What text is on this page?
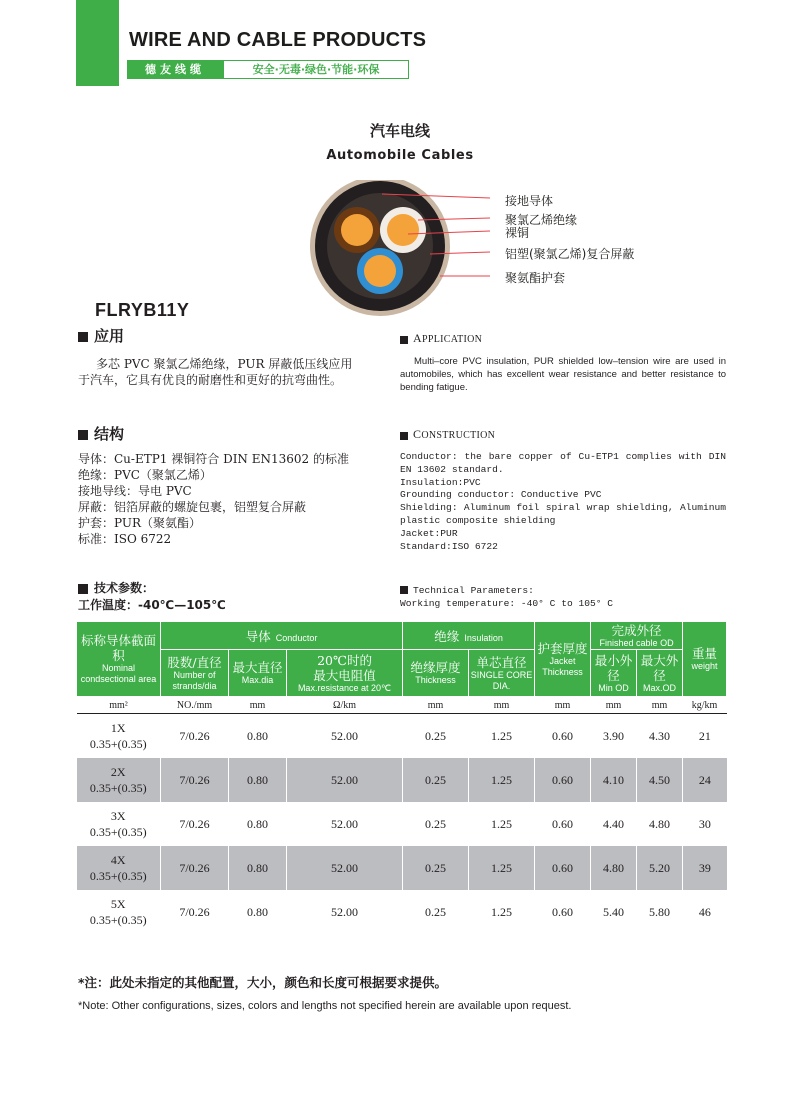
WIRE AND CABLE PRODUCTS
德友线缆	安全·无毒·绿色·节能·环保
汽车电线
Automobile Cables
接地导体
聚氯乙烯绝缘
裸铜
铝塑(聚氯乙烯)复合屏蔽
聚氨酯护套
FLRYB11Y
应用
多芯 PVC 聚氯乙烯绝缘，PUR 屏蔽低压线应用于汽车，它具有优良的耐磨性和更好的抗弯曲性。
APPLICATION
Multi–core PVC insulation, PUR shielded low–tension wire are used in automobiles, which has excellent wear resistance and better resistance to bending fatigue.
结构
导体：Cu-ETP1 裸铜符合 DIN EN13602 的标准
绝缘：PVC（聚氯乙烯）
接地导线：导电 PVC
屏蔽：铝箔屏蔽的螺旋包裹，铝塑复合屏蔽
护套：PUR（聚氨酯）
标准：ISO 6722
CONSTRUCTION
Conductor: the bare copper of Cu-ETP1 complies with DIN EN 13602 standard.
Insulation:PVC
Grounding conductor: Conductive PVC
Shielding: Aluminum foil spiral wrap shielding, Aluminum plastic composite shielding
Jacket:PUR
Standard:ISO 6722
技术参数：
工作温度：-40℃—105℃
Technical Parameters:
Working temperature: -40° C to 105° C
标称导体截面积
Nominal condsectional area	导体 Conductor			绝缘 Insulation		护套厚度
Jacket Thickness	完成外径
Finished cable OD		重量
weight

	股数/直径
Number of strands/dia	最大直径
Max.dia	20℃时的
最大电阻值
Max.resistance at 20℃	绝缘厚度
Thickness	单芯直径
SINGLE CORE DIA.		最小外径
Min OD	最大外径
Max.OD	

mm²	NO./mm	mm	Ω/km	mm	mm	mm	mm	mm	kg/km

1X
0.35+(0.35)	7/0.26	0.80	52.00	0.25	1.25	0.60	3.90	4.30	21

2X
0.35+(0.35)	7/0.26	0.80	52.00	0.25	1.25	0.60	4.10	4.50	24

3X
0.35+(0.35)	7/0.26	0.80	52.00	0.25	1.25	0.60	4.40	4.80	30

4X
0.35+(0.35)	7/0.26	0.80	52.00	0.25	1.25	0.60	4.80	5.20	39

5X
0.35+(0.35)	7/0.26	0.80	52.00	0.25	1.25	0.60	5.40	5.80	46
*注：此处未指定的其他配置，大小，颜色和长度可根据要求提供。
*Note: Other configurations, sizes, colors and lengths not specified herein are available upon request.
